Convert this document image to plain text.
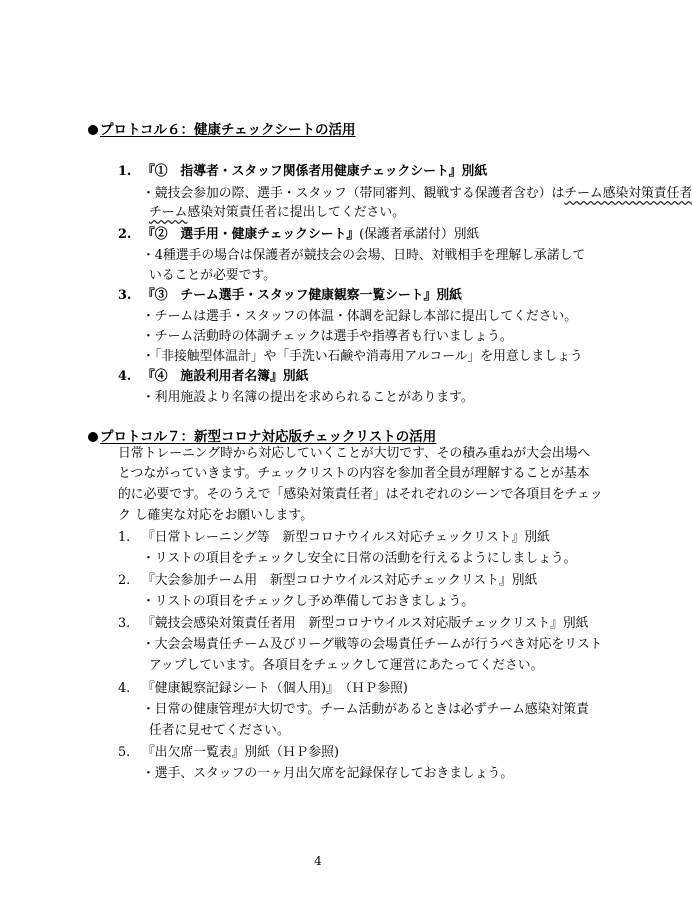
プロトコル６：健康チェックシートの活用
1. 『①　指導者・スタッフ関係者用健康チェックシート』別紙
・競技会参加の際、選手・スタッフ（帯同審判、観戦する保護者含む）はチーム感染対策責任者
チーム感染対策責任者に提出してください。
2. 『②　選手用・健康チェックシート』(保護者承諾付）別紙
・4種選手の場合は保護者が競技会の会場、日時、対戦相手を理解し承諾して
いることが必要です。
3. 『③　チーム選手・スタッフ健康観察一覧シート』別紙
・チームは選手・スタッフの体温・体調を記録し本部に提出してください。
・チーム活動時の体調チェックは選手や指導者も行いましょう。
・「非接触型体温計」や「手洗い石鹸や消毒用アルコール」を用意しましょう
4. 『④　施設利用者名簿』別紙
・利用施設より名簿の提出を求められることがあります。
プロトコル７：新型コロナ対応版チェックリストの活用
日常トレーニング時から対応していくことが大切です、その積み重ねが大会出場へ
とつながっていきます。チェックリストの内容を参加者全員が理解することが基本
的に必要です。そのうえで「感染対策責任者」はそれぞれのシーンで各項目をチェッ
ク し確実な対応をお願いします。
1. 『日常トレーニング等　新型コロナウイルス対応チェックリスト』別紙
・リストの項目をチェックし安全に日常の活動を行えるようにしましょう。
2. 『大会参加チーム用　新型コロナウイルス対応チェックリスト』別紙
・リストの項目をチェックし予め準備しておきましょう。
3. 『競技会感染対策責任者用　新型コロナウイルス対応版チェックリスト』別紙
・大会会場責任チーム及びリーグ戦等の会場責任チームが行うべき対応をリスト
アップしています。各項目をチェックして運営にあたってください。
4. 『健康観察記録シート（個人用)』　（ＨＰ参照)
・日常の健康管理が大切です。チーム活動があるときは必ずチーム感染対策責
任者に見せてください。
5. 『出欠席一覧表』別紙（ＨＰ参照)
・選手、スタッフの一ヶ月出欠席を記録保存しておきましょう。
4
